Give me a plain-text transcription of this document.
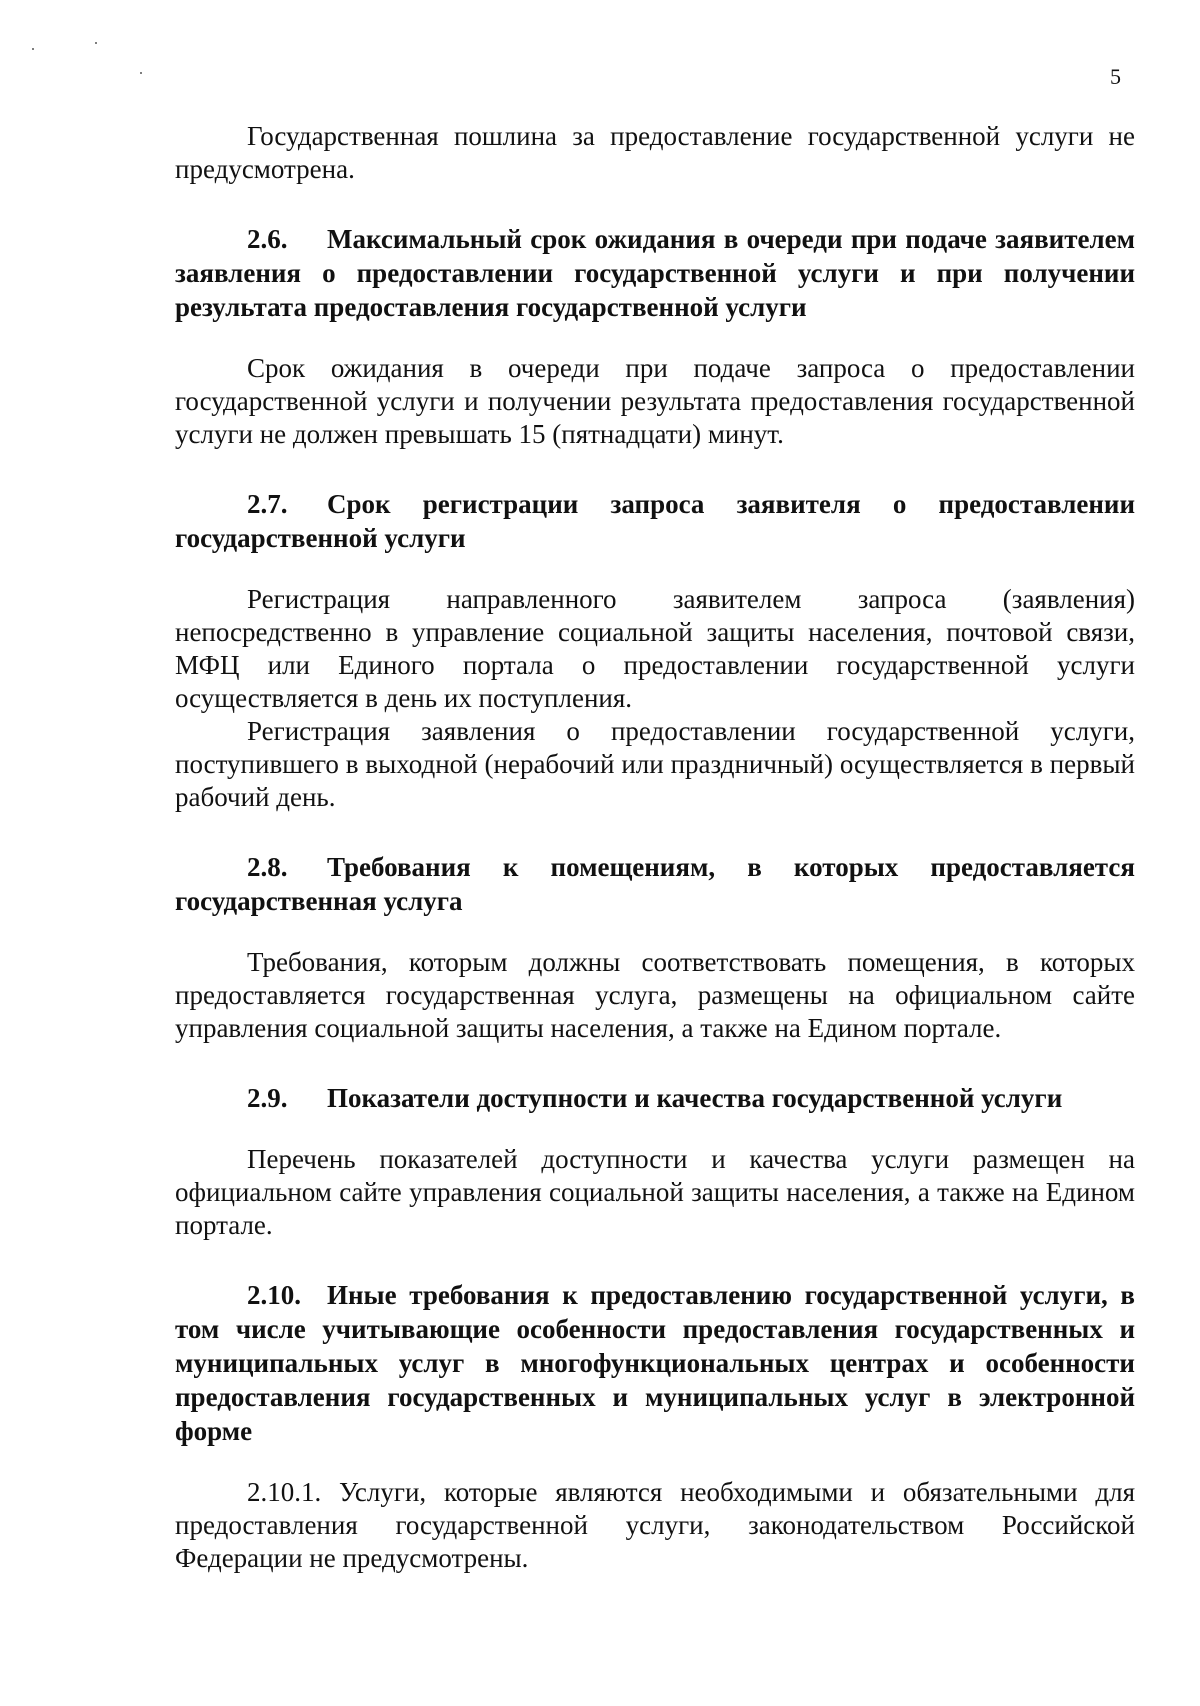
5

Государственная пошлина за предоставление государственной услуги не предусмотрена.

2.6. Максимальный срок ожидания в очереди при подаче заявителем заявления о предоставлении государственной услуги и при получении результата предоставления государственной услуги

Срок ожидания в очереди при подаче запроса о предоставлении государственной услуги и получении результата предоставления государственной услуги не должен превышать 15 (пятнадцати) минут.

2.7. Срок регистрации запроса заявителя о предоставлении государственной услуги

Регистрация направленного заявителем запроса (заявления) непосредственно в управление социальной защиты населения, почтовой связи, МФЦ или Единого портала о предоставлении государственной услуги осуществляется в день их поступления.

Регистрация заявления о предоставлении государственной услуги, поступившего в выходной (нерабочий или праздничный) осуществляется в первый рабочий день.

2.8. Требования к помещениям, в которых предоставляется государственная услуга

Требования, которым должны соответствовать помещения, в которых предоставляется государственная услуга, размещены на официальном сайте управления социальной защиты населения, а также на Едином портале.

2.9. Показатели доступности и качества государственной услуги

Перечень показателей доступности и качества услуги размещен на официальном сайте управления социальной защиты населения, а также на Едином портале.

2.10. Иные требования к предоставлению государственной услуги, в том числе учитывающие особенности предоставления государственных и муниципальных услуг в многофункциональных центрах и особенности предоставления государственных и муниципальных услуг в электронной форме

2.10.1. Услуги, которые являются необходимыми и обязательными для предоставления государственной услуги, законодательством Российской Федерации не предусмотрены.
